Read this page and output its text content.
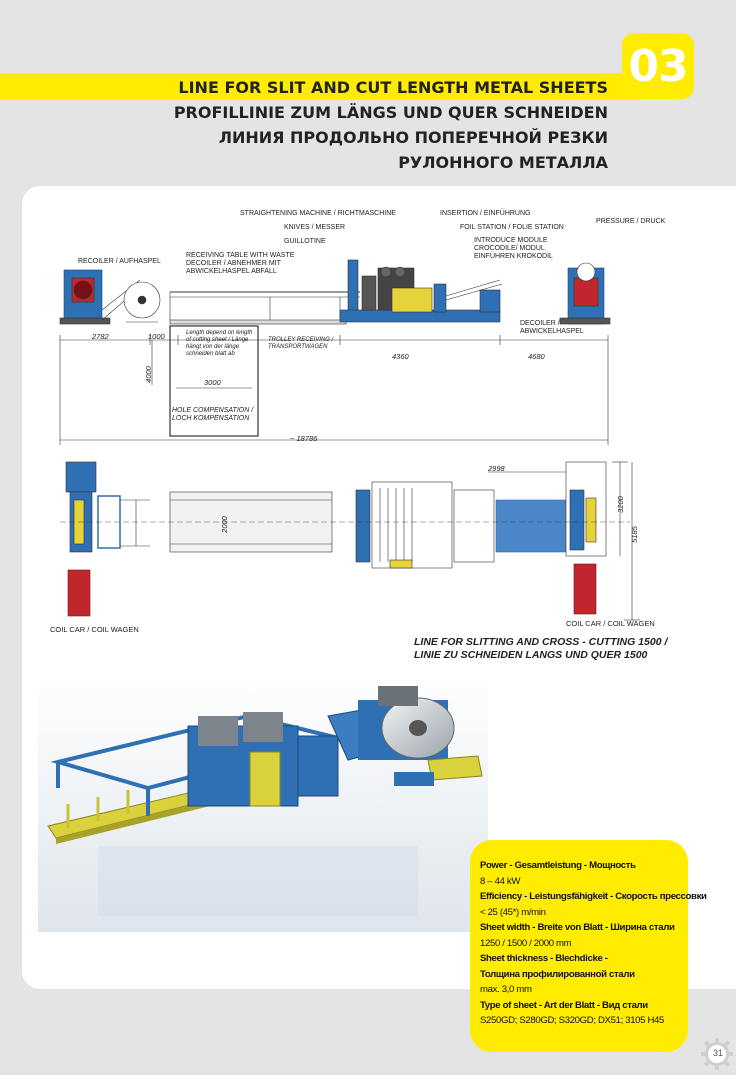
03
LINE FOR SLIT AND CUT LENGTH METAL SHEETS
PROFILLINIE ZUM LÄNGS UND QUER SCHNEIDEN
ЛИНИЯ ПРОДОЛЬНО ПОПЕРЕЧНОЙ РЕЗКИ
РУЛОННОГО МЕТАЛЛА
STRAIGHTENING MACHINE / RICHTMASCHINE	INSERTION / EINFÜHRUNG
KNIVES / MESSER	FOIL STATION / FOLIE STATION
PRESSURE / DRUCK
GUILLOTINE	INTRODUCE MODULE
CROCODILE/ MODUL
EINFÜHREN KROKODIL
RECOILER / AUFHASPEL
RECEIVING TABLE WITH WASTE
DECOILER / ABNEHMER MIT
ABWICKELHASPEL ABFALL
DECOILER /
ABWICKELHASPEL
Length depend on length
of cutting sheet / Länge
hängt von der länge
schneiden blatt ab
TROLLEY RECEIVING /
TRANSPORTWAGEN
HOLE COMPENSATION /
LOCH KOMPENSATION
COIL CAR / COIL WAGEN
COIL CAR / COIL WAGEN
2782	1000
4000	3000
4360	4680
~ 18786
2998
2000
3200
5185
LINE FOR SLITTING AND CROSS - CUTTING 1500 /
LINIE ZU SCHNEIDEN LANGS UND QUER 1500
Power - Gesamtleistung - Мощность
8 – 44 kW
Efficiency - Leistungsfähigkeit - Скорость прессовки
< 25 (45*) m/min
Sheet width - Breite von Blatt - Ширина стали
1250 / 1500 / 2000 mm
Sheet thickness - Blechdicke -
Толщина профилированной стали
max. 3,0 mm
Type of sheet - Art der Blatt - Вид стали
S250GD; S280GD; S320GD; DX51; 3105 H45
31
